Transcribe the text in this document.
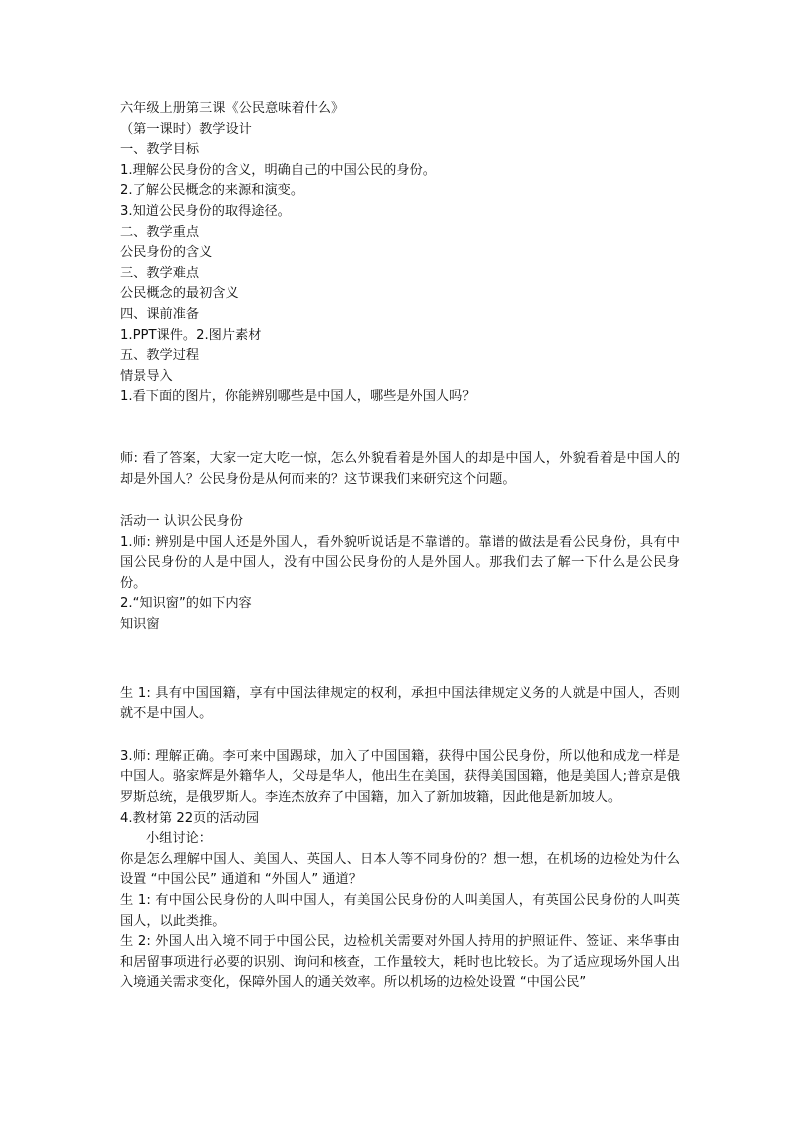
六年级上册第三课《公民意味着什么》
（第一课时）教学设计
一、教学目标
1.理解公民身份的含义，明确自己的中国公民的身份。
2.了解公民概念的来源和演变。
3.知道公民身份的取得途径。
二、教学重点
公民身份的含义
三、教学难点
公民概念的最初含义
四、课前准备
1.PPT课件。2.图片素材
五、教学过程
情景导入
1.看下面的图片，你能辨别哪些是中国人，哪些是外国人吗？
师: 看了答案，大家一定大吃一惊，怎么外貌看着是外国人的却是中国人，外貌看着是中国人的却是外国人？公民身份是从何而来的？这节课我们来研究这个问题。
活动一 认识公民身份
1.师: 辨别是中国人还是外国人，看外貌听说话是不靠谱的。靠谱的做法是看公民身份，具有中国公民身份的人是中国人，没有中国公民身份的人是外国人。那我们去了解一下什么是公民身份。
2.“知识窗”的如下内容
知识窗
生 1: 具有中国国籍，享有中国法律规定的权利，承担中国法律规定义务的人就是中国人，否则就不是中国人。
3.师: 理解正确。李可来中国踢球，加入了中国国籍，获得中国公民身份，所以他和成龙一样是中国人。骆家辉是外籍华人，父母是华人，他出生在美国，获得美国国籍，他是美国人;普京是俄罗斯总统，是俄罗斯人。李连杰放弃了中国籍，加入了新加坡籍，因此他是新加坡人。
4.教材第 22页的活动园
小组讨论：
你是怎么理解中国人、美国人、英国人、日本人等不同身份的？想一想，在机场的边检处为什么设置 “中国公民” 通道和 “外国人” 通道？
生 1: 有中国公民身份的人叫中国人，有美国公民身份的人叫美国人，有英国公民身份的人叫英国人，以此类推。
生 2: 外国人出入境不同于中国公民，边检机关需要对外国人持用的护照证件、签证、来华事由和居留事项进行必要的识别、询问和核查，工作量较大，耗时也比较长。为了适应现场外国人出入境通关需求变化，保障外国人的通关效率。所以机场的边检处设置 “中国公民”
